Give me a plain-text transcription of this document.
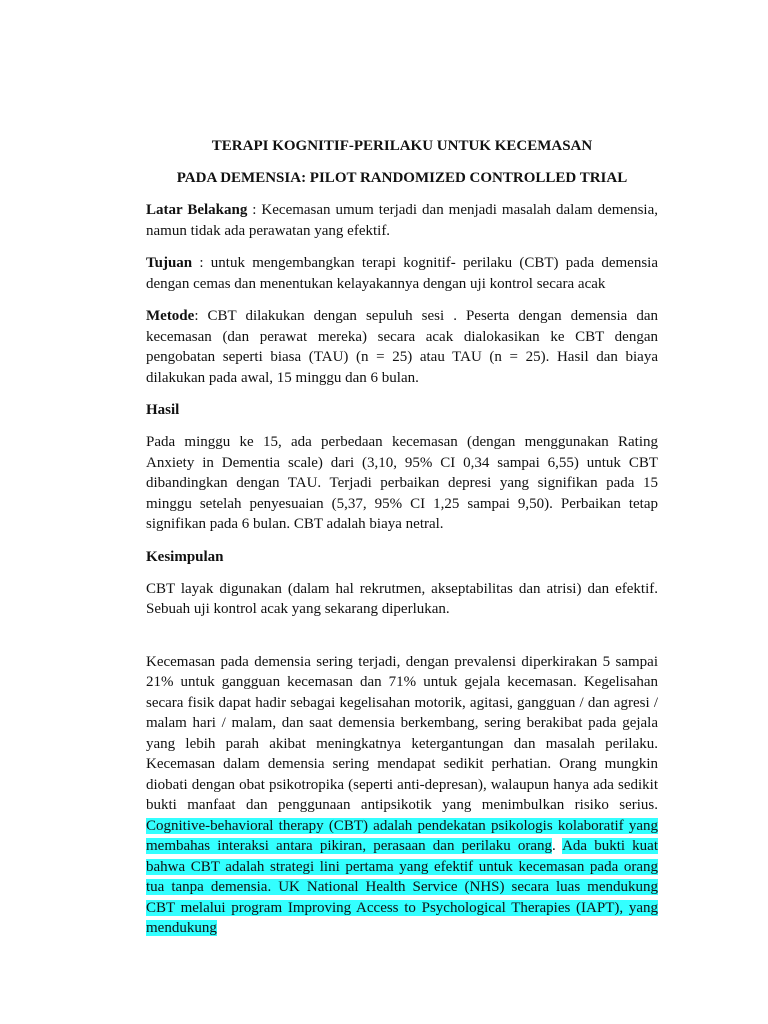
TERAPI KOGNITIF-PERILAKU UNTUK KECEMASAN
PADA DEMENSIA: PILOT RANDOMIZED CONTROLLED TRIAL

Latar Belakang : Kecemasan umum terjadi dan menjadi masalah dalam demensia, namun tidak ada perawatan yang efektif.

Tujuan : untuk mengembangkan terapi kognitif- perilaku (CBT) pada demensia dengan cemas dan menentukan kelayakannya dengan uji kontrol secara acak

Metode: CBT dilakukan dengan sepuluh sesi . Peserta dengan demensia dan kecemasan (dan perawat mereka) secara acak dialokasikan ke CBT dengan pengobatan seperti biasa (TAU) (n = 25) atau TAU (n = 25). Hasil dan biaya dilakukan pada awal, 15 minggu dan 6 bulan.

Hasil

Pada minggu ke 15, ada perbedaan kecemasan (dengan menggunakan Rating Anxiety in Dementia scale) dari (3,10, 95% CI 0,34 sampai 6,55) untuk CBT dibandingkan dengan TAU. Terjadi perbaikan depresi yang signifikan pada 15 minggu setelah penyesuaian (5,37, 95% CI 1,25 sampai 9,50). Perbaikan tetap signifikan pada 6 bulan. CBT adalah biaya netral.

Kesimpulan

CBT layak digunakan (dalam hal rekrutmen, akseptabilitas dan atrisi) dan efektif. Sebuah uji kontrol acak yang sekarang diperlukan.

Kecemasan pada demensia sering terjadi, dengan prevalensi diperkirakan 5 sampai 21% untuk gangguan kecemasan dan 71% untuk gejala kecemasan. Kegelisahan secara fisik dapat hadir sebagai kegelisahan motorik, agitasi, gangguan / dan agresi / malam hari / malam, dan saat demensia berkembang, sering berakibat pada gejala yang lebih parah akibat meningkatnya ketergantungan dan masalah perilaku. Kecemasan dalam demensia sering mendapat sedikit perhatian. Orang mungkin diobati dengan obat psikotropika (seperti anti-depresan), walaupun hanya ada sedikit bukti manfaat dan penggunaan antipsikotik yang menimbulkan risiko serius. Cognitive-behavioral therapy (CBT) adalah pendekatan psikologis kolaboratif yang membahas interaksi antara pikiran, perasaan dan perilaku orang. Ada bukti kuat bahwa CBT adalah strategi lini pertama yang efektif untuk kecemasan pada orang tua tanpa demensia. UK National Health Service (NHS) secara luas mendukung CBT melalui program Improving Access to Psychological Therapies (IAPT), yang mendukung
